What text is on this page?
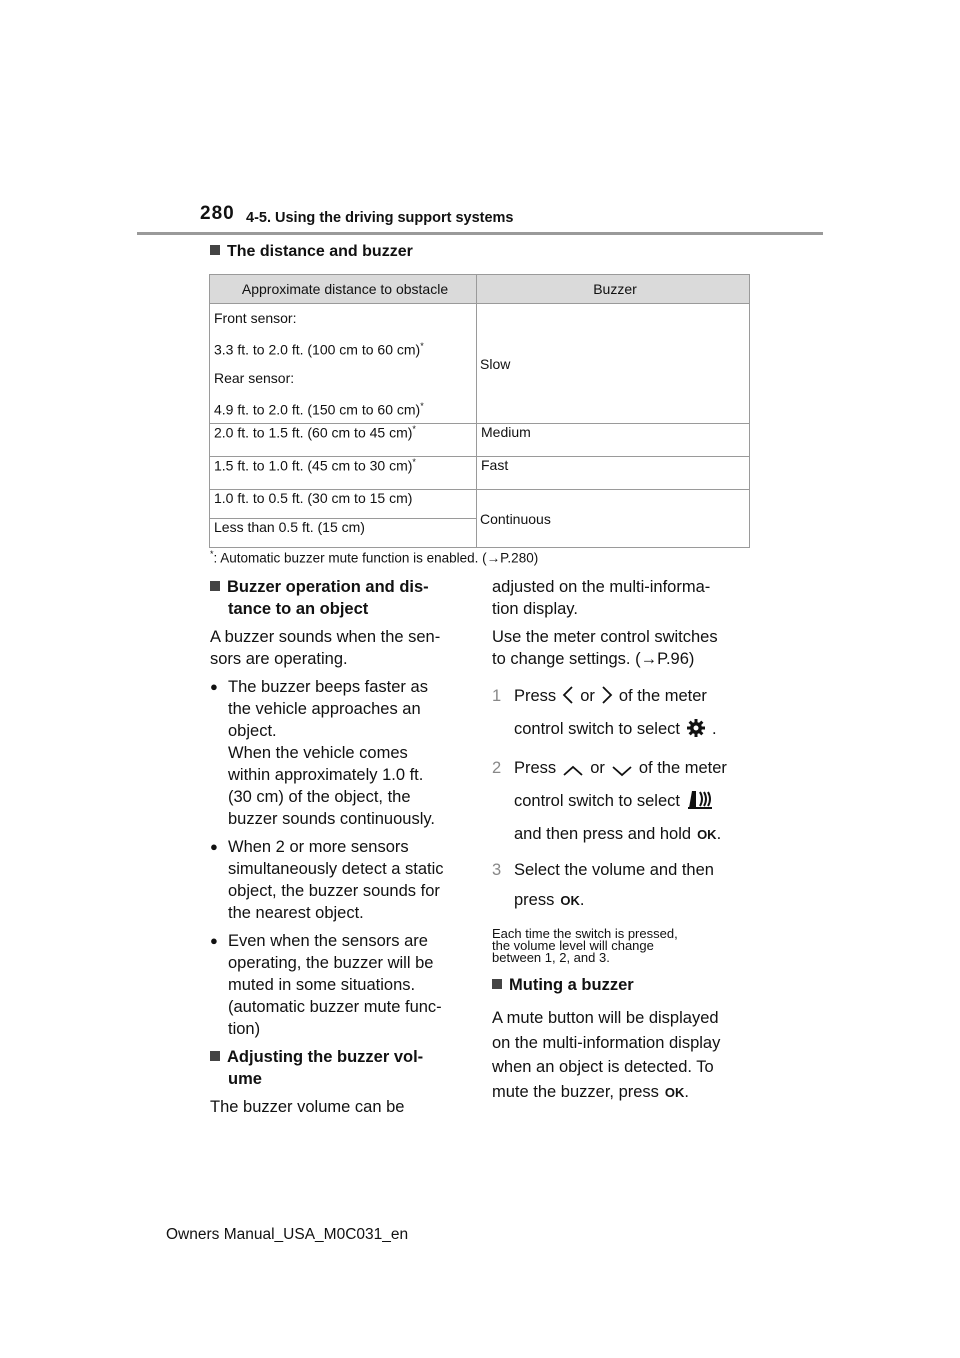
280 4-5. Using the driving support systems
The distance and buzzer
Approximate distance to obstacle	Buzzer

Front sensor:

3.3 ft. to 2.0 ft. (100 cm to 60 cm)*

Rear sensor:

4.9 ft. to 2.0 ft. (150 cm to 60 cm)*	Slow
2.0 ft. to 1.5 ft. (60 cm to 45 cm)*	Medium
1.5 ft. to 1.0 ft. (45 cm to 30 cm)*	Fast
1.0 ft. to 0.5 ft. (30 cm to 15 cm)	Continuous
Less than 0.5 ft. (15 cm)	
*: Automatic buzzer mute function is enabled. (→P.280)

Buzzer operation and dis-
tance to an object

A buzzer sounds when the sen-
sors are operating.

● The buzzer beeps faster as
the vehicle approaches an
object.
When the vehicle comes
within approximately 1.0 ft.
(30 cm) of the object, the
buzzer sounds continuously.

● When 2 or more sensors
simultaneously detect a static
object, the buzzer sounds for
the nearest object.

● Even when the sensors are
operating, the buzzer will be
muted in some situations.
(automatic buzzer mute func-
tion)

Adjusting the buzzer vol-
ume

The buzzer volume can be

adjusted on the multi-informa-
tion display.

Use the meter control switches
to change settings. (→P.96)

1 Press or of the meter
control switch to select .
2 Press or of the meter
control switch to select
and then press and hold OK.
3 Select the volume and then
press OK.

Each time the switch is pressed,
the volume level will change
between 1, 2, and 3.

Muting a buzzer

A mute button will be displayed
on the multi-information display
when an object is detected. To
mute the buzzer, press OK.

Owners Manual_USA_M0C031_en
